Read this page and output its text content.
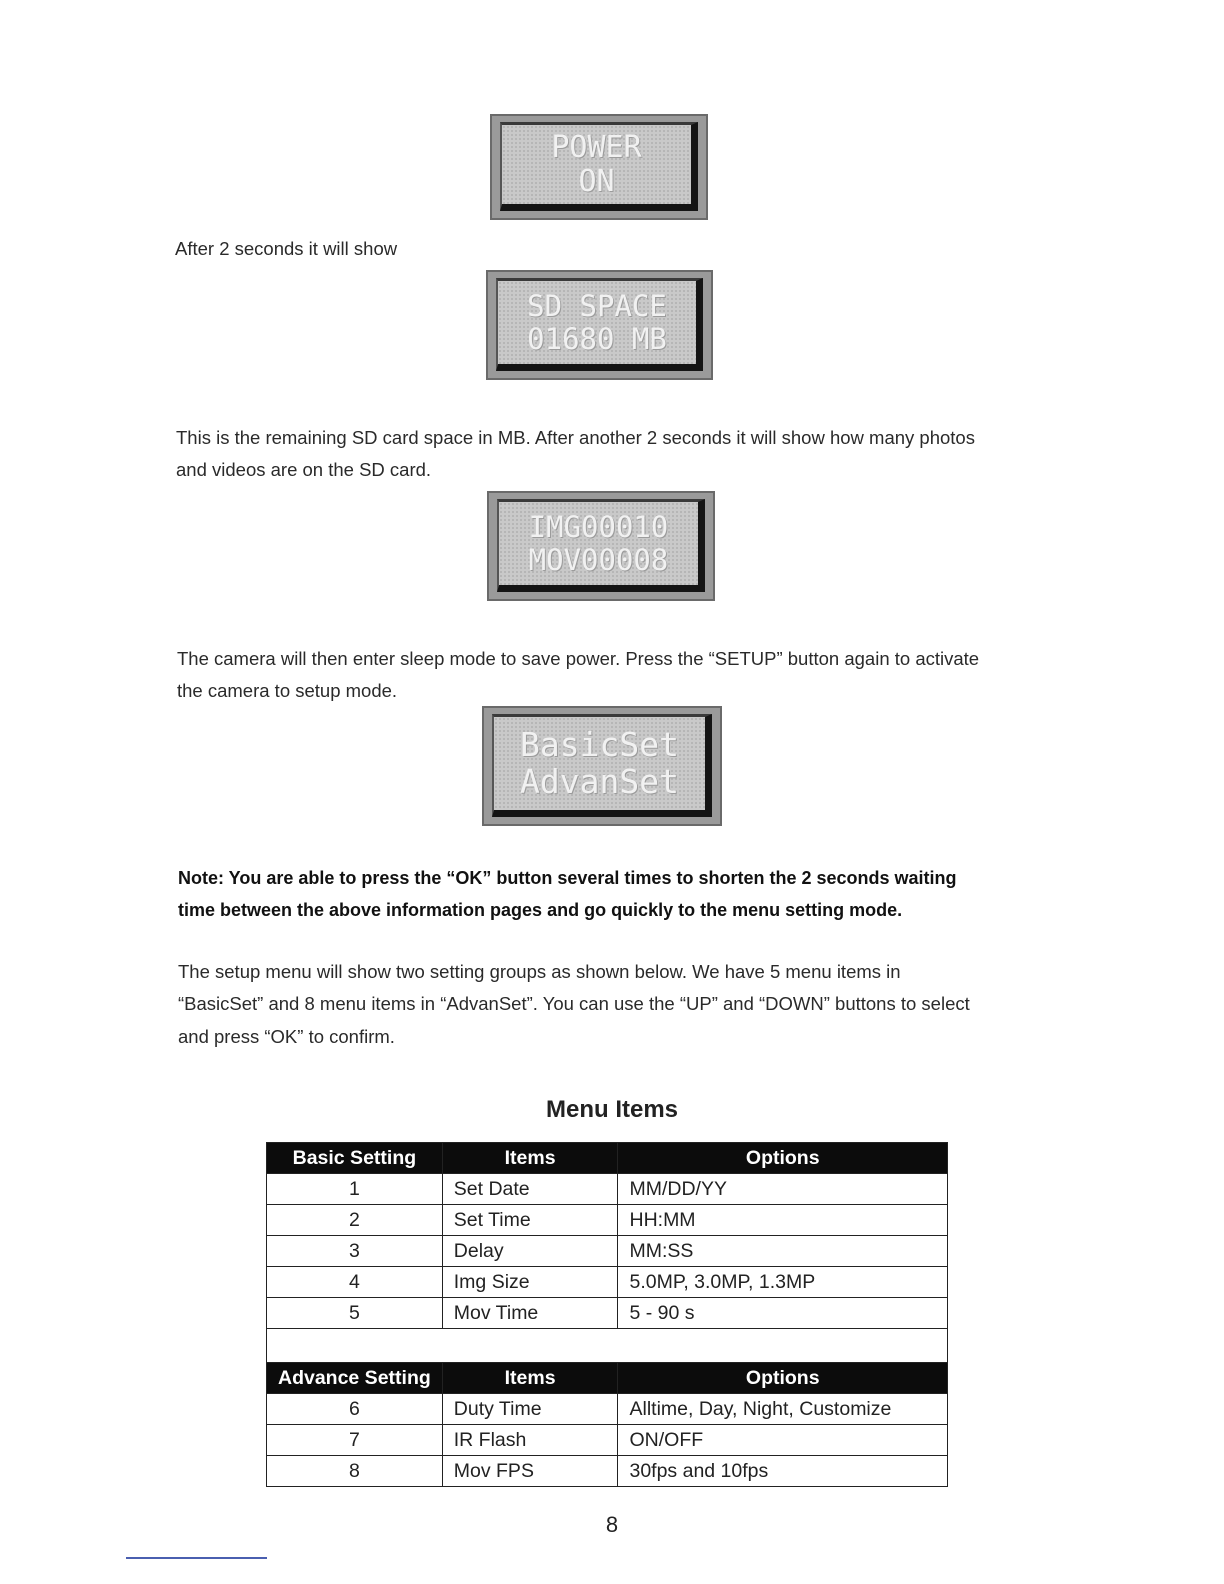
POWER
ON

After 2 seconds it will show

SD SPACE
01680 MB

This is the remaining SD card space in MB. After another 2 seconds it will show how many photos

and videos are on the SD card.

IMG00010
MOV00008

The camera will then enter sleep mode to save power. Press the “SETUP” button again to activate

the camera to setup mode.

BasicSet
AdvanSet

Note: You are able to press the “OK” button several times to shorten the 2 seconds waiting

time between the above information pages and go quickly to the menu setting mode.

The setup menu will show two setting groups as shown below. We have 5 menu items in

“BasicSet” and 8 menu items in “AdvanSet”. You can use the “UP” and “DOWN” buttons to select

and press “OK” to confirm.

Menu Items
Basic Setting	Items	Options
1	Set Date	MM/DD/YY
2	Set Time	HH:MM
3	Delay	MM:SS
4	Img Size	5.0MP, 3.0MP, 1.3MP
5	Mov Time	5 - 90 s

Advance Setting	Items	Options
6	Duty Time	Alltime, Day, Night, Customize
7	IR Flash	ON/OFF
8	Mov FPS	30fps and 10fps
8
